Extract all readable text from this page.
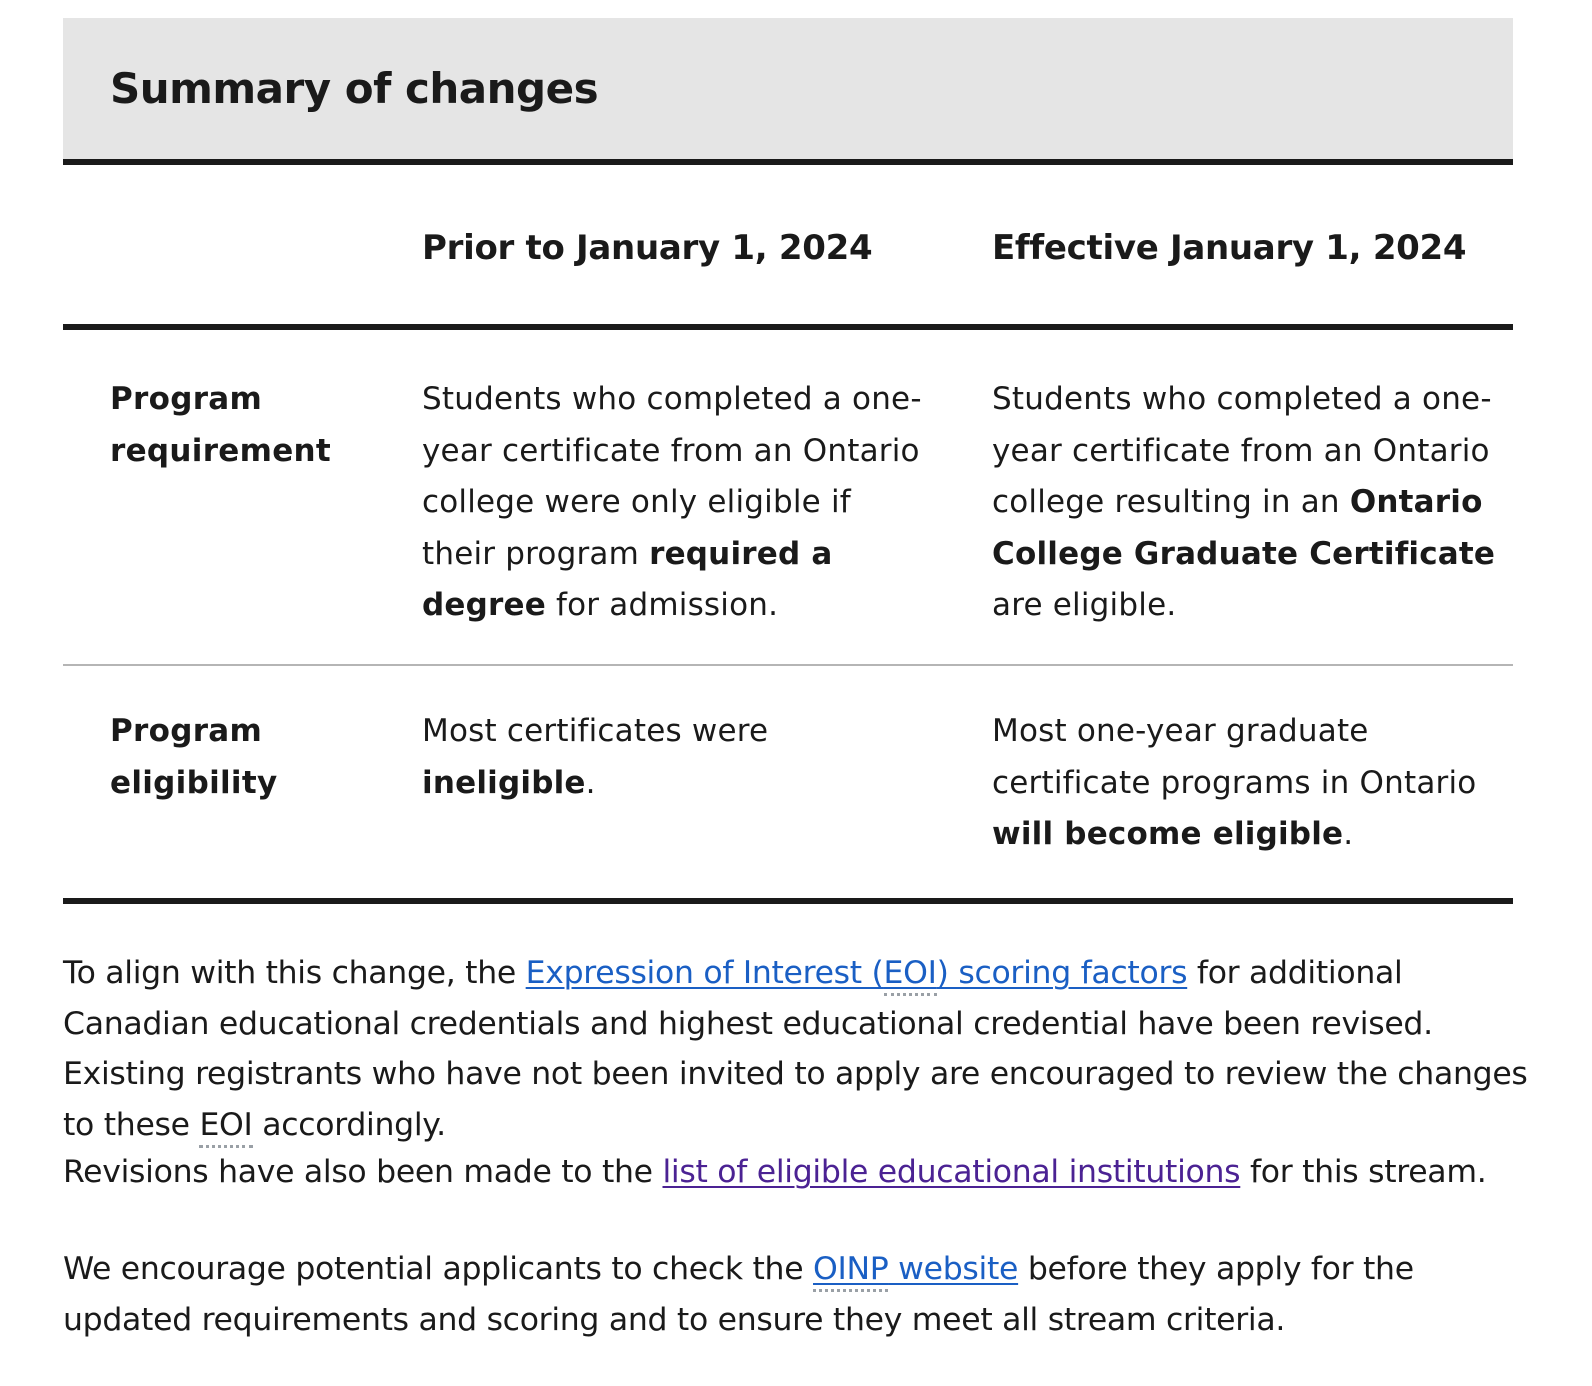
Summary of changes
Prior to January 1, 2024	Effective January 1, 2024
Program
requirement
Students who completed a one-year certificate from an Ontario college were only eligible if their program required a degree for admission.
Students who completed a one-year certificate from an Ontario college resulting in an Ontario College Graduate Certificate are eligible.
Program
eligibility
Most certificates were
ineligible.
Most one-year graduate certificate programs in Ontario will become eligible.

To align with this change, the Expression of Interest (EOI) scoring factors for additional Canadian educational credentials and highest educational credential have been revised. Existing registrants who have not been invited to apply are encouraged to review the changes to these EOI accordingly.

Revisions have also been made to the list of eligible educational institutions for this stream.

We encourage potential applicants to check the OINP website before they apply for the updated requirements and scoring and to ensure they meet all stream criteria.
